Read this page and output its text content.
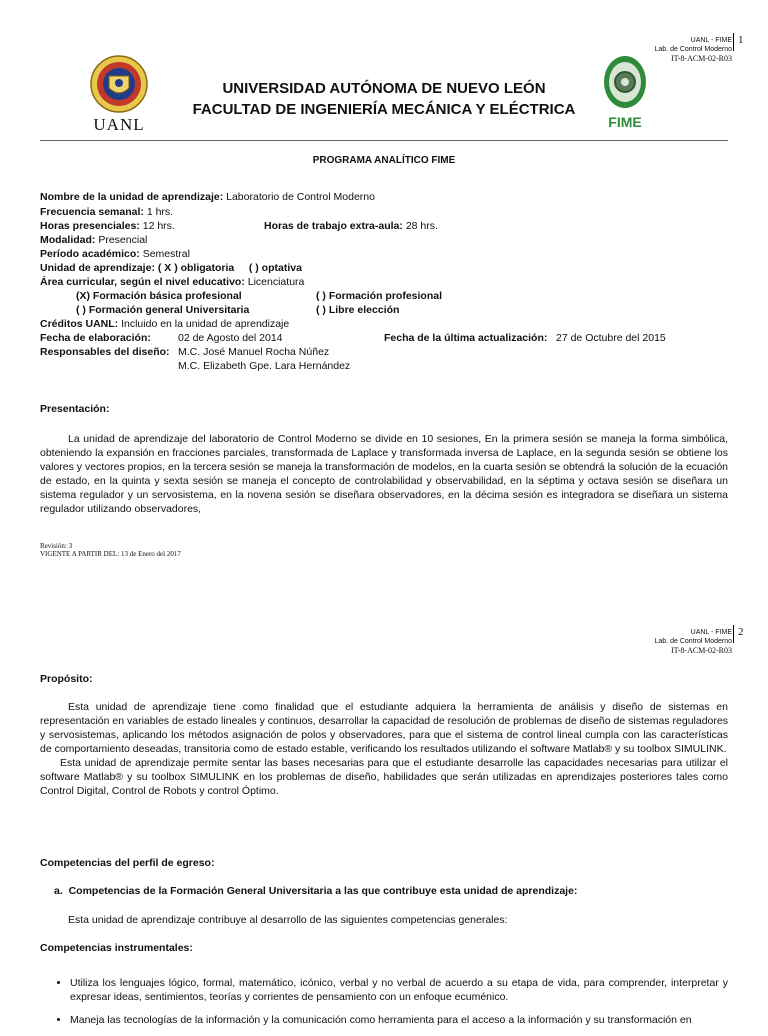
UANL - FIME
Lab. de Control Moderno
IT-8-ACM-02-R03
1
UANL	FIME
UNIVERSIDAD AUTÓNOMA DE NUEVO LEÓN
FACULTAD DE INGENIERÍA MECÁNICA Y ELÉCTRICA
PROGRAMA ANALÍTICO FIME
Nombre de la unidad de aprendizaje: Laboratorio de Control Moderno
Frecuencia semanal: 1 hrs.
Horas presenciales: 12 hrs.	Horas de trabajo extra-aula: 28 hrs.
Modalidad: Presencial
Período académico: Semestral
Unidad de aprendizaje: ( X ) obligatoria     ( ) optativa
Área curricular, según el nivel educativo: Licenciatura
(X) Formación básica profesional	( ) Formación profesional
( ) Formación general Universitaria	( ) Libre elección
Créditos UANL: Incluido en la unidad de aprendizaje
Fecha de elaboración:	02 de Agosto del 2014	Fecha de la última actualización: 27 de Octubre del 2015
Responsables del diseño: M.C. José Manuel Rocha Núñez
M.C. Elizabeth Gpe. Lara Hernández
Presentación:

La unidad de aprendizaje del laboratorio de Control Moderno se divide en 10 sesiones, En la primera sesión se maneja la forma simbólica, obteniendo la expansión en fracciones parciales, transformada de Laplace y transformada inversa de Laplace, en la segunda sesión se obtiene los valores y vectores propios, en la tercera sesión se maneja la transformación de modelos, en la cuarta sesión se obtendrá la solución de la ecuación de estado, en la quinta y sexta sesión se maneja el concepto de controlabilidad y observabilidad, en la séptima y octava sesión se diseñara un sistema regulador y un servosistema, en la novena sesión se diseñara observadores, en la décima sesión es integradora se diseñara un sistema regulador utilizando observadores,

Revisión: 3
VIGENTE A PARTIR DEL: 13 de Enero del 2017
UANL - FIME
Lab. de Control Moderno
IT-8-ACM-02-R03
2
Propósito:

Esta unidad de aprendizaje tiene como finalidad que el estudiante adquiera la herramienta de análisis y diseño de sistemas en representación en variables de estado lineales y continuos, desarrollar la capacidad de resolución de problemas de diseño de sistemas reguladores y servosistemas, aplicando los métodos asignación de polos y observadores, para que el sistema de control lineal cumpla con las características de comportamiento deseadas, transitoria como de estado estable, verificando los resultados utilizando el software Matlab® y su toolbox SIMULINK.

Esta unidad de aprendizaje permite sentar las bases necesarias para que el estudiante desarrolle las capacidades necesarias para utilizar el software Matlab® y su toolbox SIMULINK en los problemas de diseño, habilidades que serán utilizadas en aprendizajes posteriores tales como Control Digital, Control de Robots y control Óptimo.

Competencias del perfil de egreso:
a.  Competencias de la Formación General Universitaria a las que contribuye esta unidad de aprendizaje:
Esta unidad de aprendizaje contribuye al desarrollo de las siguientes competencias generales:
Competencias instrumentales:
• Utiliza los lenguajes lógico, formal, matemático, icónico, verbal y no verbal de acuerdo a su etapa de vida, para comprender, interpretar y expresar ideas, sentimientos, teorías y corrientes de pensamiento con un enfoque ecuménico.
• Maneja las tecnologías de la información y la comunicación como herramienta para el acceso a la información y su transformación en
